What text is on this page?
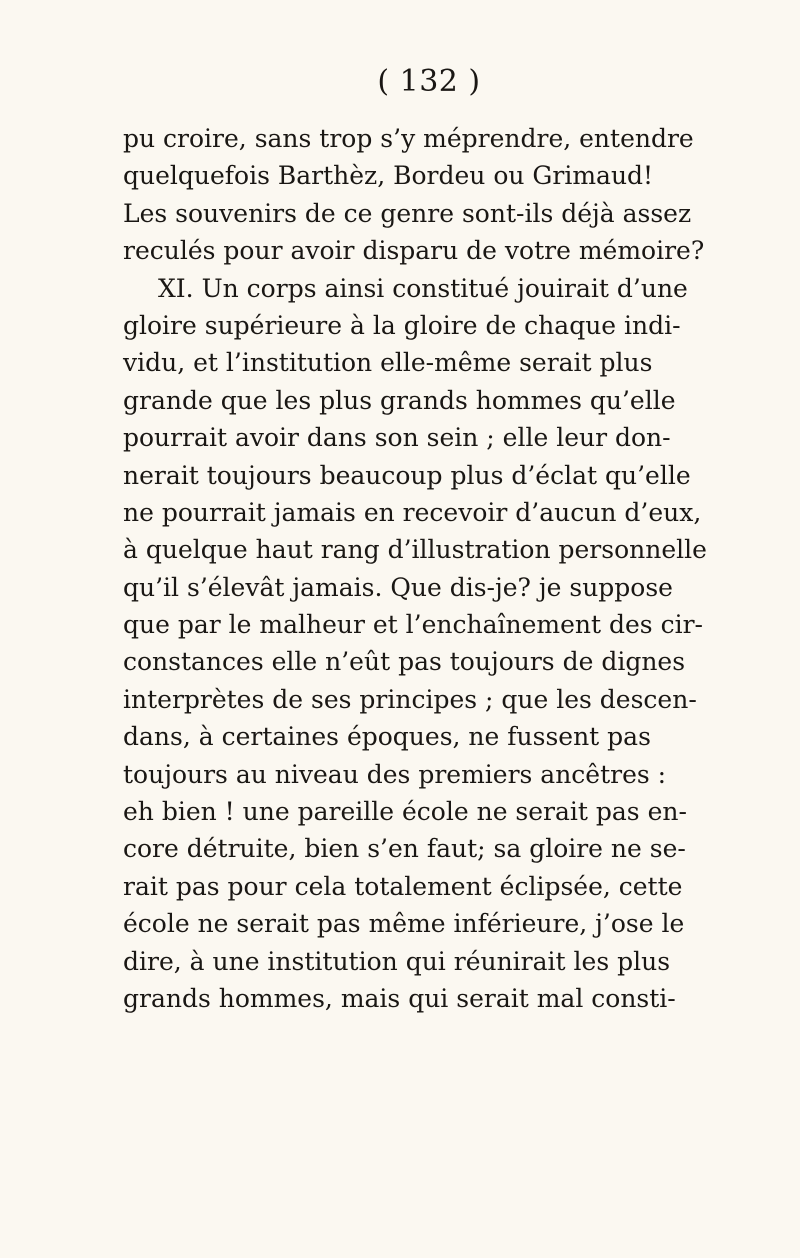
( 132 )
pu croire, sans trop s’y méprendre, entendre
quelquefois Barthèz, Bordeu ou Grimaud!
Les souvenirs de ce genre sont-ils déjà assez
reculés pour avoir disparu de votre mémoire?
XI. Un corps ainsi constitué jouirait d’une
gloire supérieure à la gloire de chaque indi-
vidu, et l’institution elle-même serait plus
grande que les plus grands hommes qu’elle
pourrait avoir dans son sein ; elle leur don-
nerait toujours beaucoup plus d’éclat qu’elle
ne pourrait jamais en recevoir d’aucun d’eux,
à quelque haut rang d’illustration personnelle
qu’il s’élevât jamais. Que dis-je? je suppose
que par le malheur et l’enchaînement des cir-
constances elle n’eût pas toujours de dignes
interprètes de ses principes ; que les descen-
dans, à certaines époques, ne fussent pas
toujours au niveau des premiers ancêtres :
eh bien ! une pareille école ne serait pas en-
core détruite, bien s’en faut; sa gloire ne se-
rait pas pour cela totalement éclipsée, cette
école ne serait pas même inférieure, j’ose le
dire, à une institution qui réunirait les plus
grands hommes, mais qui serait mal consti-
